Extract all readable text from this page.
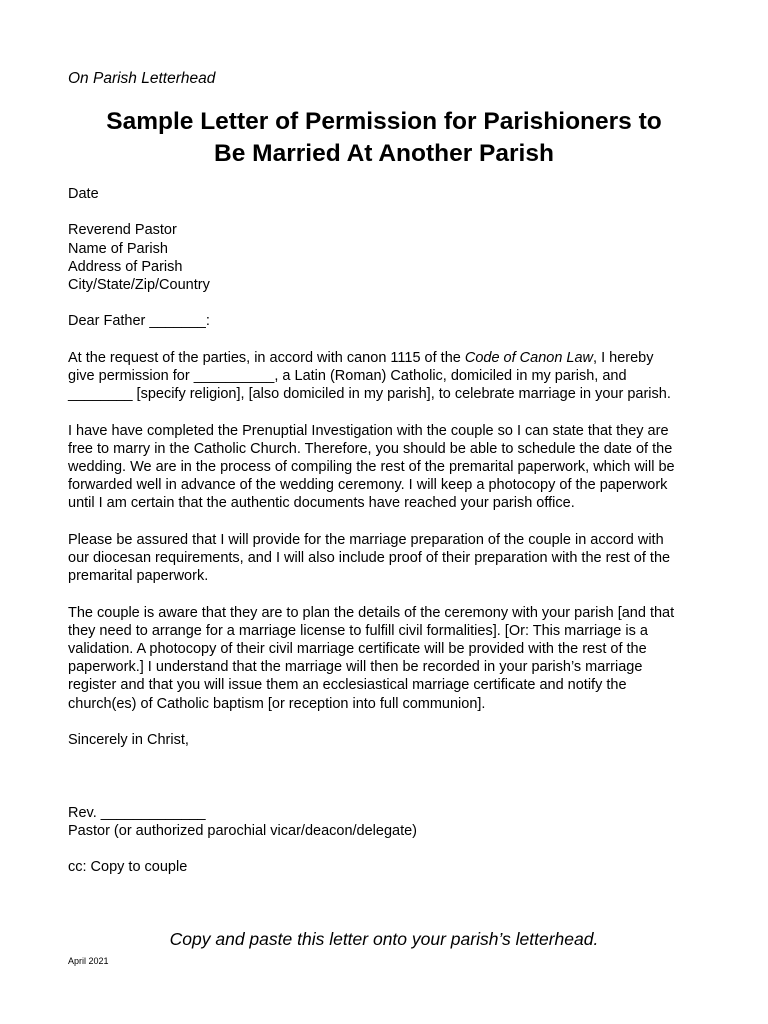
On Parish Letterhead
Sample Letter of Permission for Parishioners to
Be Married At Another Parish
Date
Reverend Pastor
Name of Parish
Address of Parish
City/State/Zip/Country
Dear Father _______:
At the request of the parties, in accord with canon 1115 of the Code of Canon Law, I hereby
give permission for __________, a Latin (Roman) Catholic, domiciled in my parish, and
________ [specify religion], [also domiciled in my parish], to celebrate marriage in your parish.
I have have completed the Prenuptial Investigation with the couple so I can state that they are
free to marry in the Catholic Church. Therefore, you should be able to schedule the date of the
wedding. We are in the process of compiling the rest of the premarital paperwork, which will be
forwarded well in advance of the wedding ceremony. I will keep a photocopy of the paperwork
until I am certain that the authentic documents have reached your parish office.
Please be assured that I will provide for the marriage preparation of the couple in accord with
our diocesan requirements, and I will also include proof of their preparation with the rest of the
premarital paperwork.
The couple is aware that they are to plan the details of the ceremony with your parish [and that
they need to arrange for a marriage license to fulfill civil formalities]. [Or: This marriage is a
validation. A photocopy of their civil marriage certificate will be provided with the rest of the
paperwork.] I understand that the marriage will then be recorded in your parish’s marriage
register and that you will issue them an ecclesiastical marriage certificate and notify the
church(es) of Catholic baptism [or reception into full communion].
Sincerely in Christ,
Rev. _____________
Pastor (or authorized parochial vicar/deacon/delegate)
cc: Copy to couple
Copy and paste this letter onto your parish’s letterhead.
April 2021
